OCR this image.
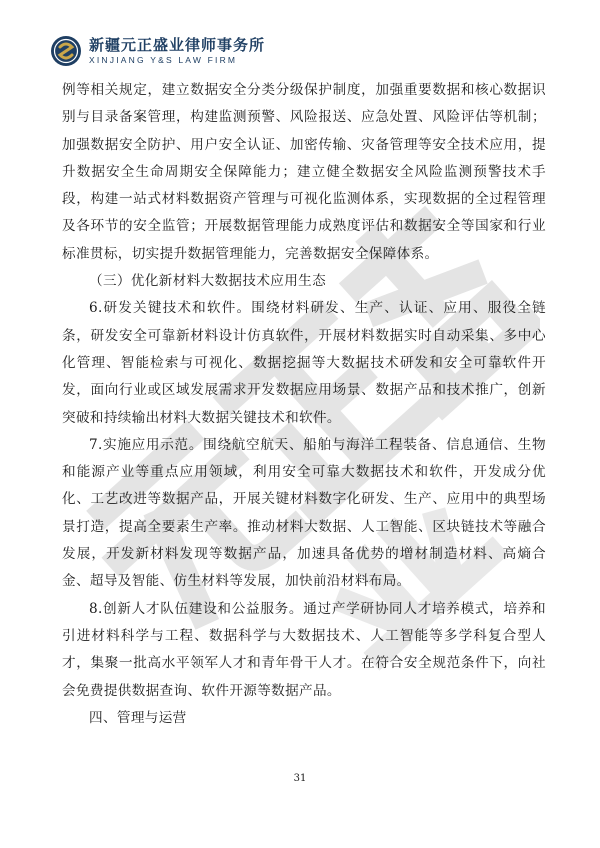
新疆元正盛业律师事务所
XINJIANG Y&S LAW FIRM

例等相关规定，建立数据安全分类分级保护制度，加强重要数据和核心数据识别与目录备案管理，构建监测预警、风险报送、应急处置、风险评估等机制；加强数据安全防护、用户安全认证、加密传输、灾备管理等安全技术应用，提升数据安全生命周期安全保障能力；建立健全数据安全风险监测预警技术手段，构建一站式材料数据资产管理与可视化监测体系，实现数据的全过程管理及各环节的安全监管；开展数据管理能力成熟度评估和数据安全等国家和行业标准贯标，切实提升数据管理能力，完善数据安全保障体系。

（三）优化新材料大数据技术应用生态

6.研发关键技术和软件。围绕材料研发、生产、认证、应用、服役全链条，研发安全可靠新材料设计仿真软件，开展材料数据实时自动采集、多中心化管理、智能检索与可视化、数据挖掘等大数据技术研发和安全可靠软件开发，面向行业或区域发展需求开发数据应用场景、数据产品和技术推广，创新突破和持续输出材料大数据关键技术和软件。

7.实施应用示范。围绕航空航天、船舶与海洋工程装备、信息通信、生物和能源产业等重点应用领域，利用安全可靠大数据技术和软件，开发成分优化、工艺改进等数据产品，开展关键材料数字化研发、生产、应用中的典型场景打造，提高全要素生产率。推动材料大数据、人工智能、区块链技术等融合发展，开发新材料发现等数据产品，加速具备优势的增材制造材料、高熵合金、超导及智能、仿生材料等发展，加快前沿材料布局。

8.创新人才队伍建设和公益服务。通过产学研协同人才培养模式，培养和引进材料科学与工程、数据科学与大数据技术、人工智能等多学科复合型人才，集聚一批高水平领军人才和青年骨干人才。在符合安全规范条件下，向社会免费提供数据查询、软件开源等数据产品。

四、管理与运营

31
